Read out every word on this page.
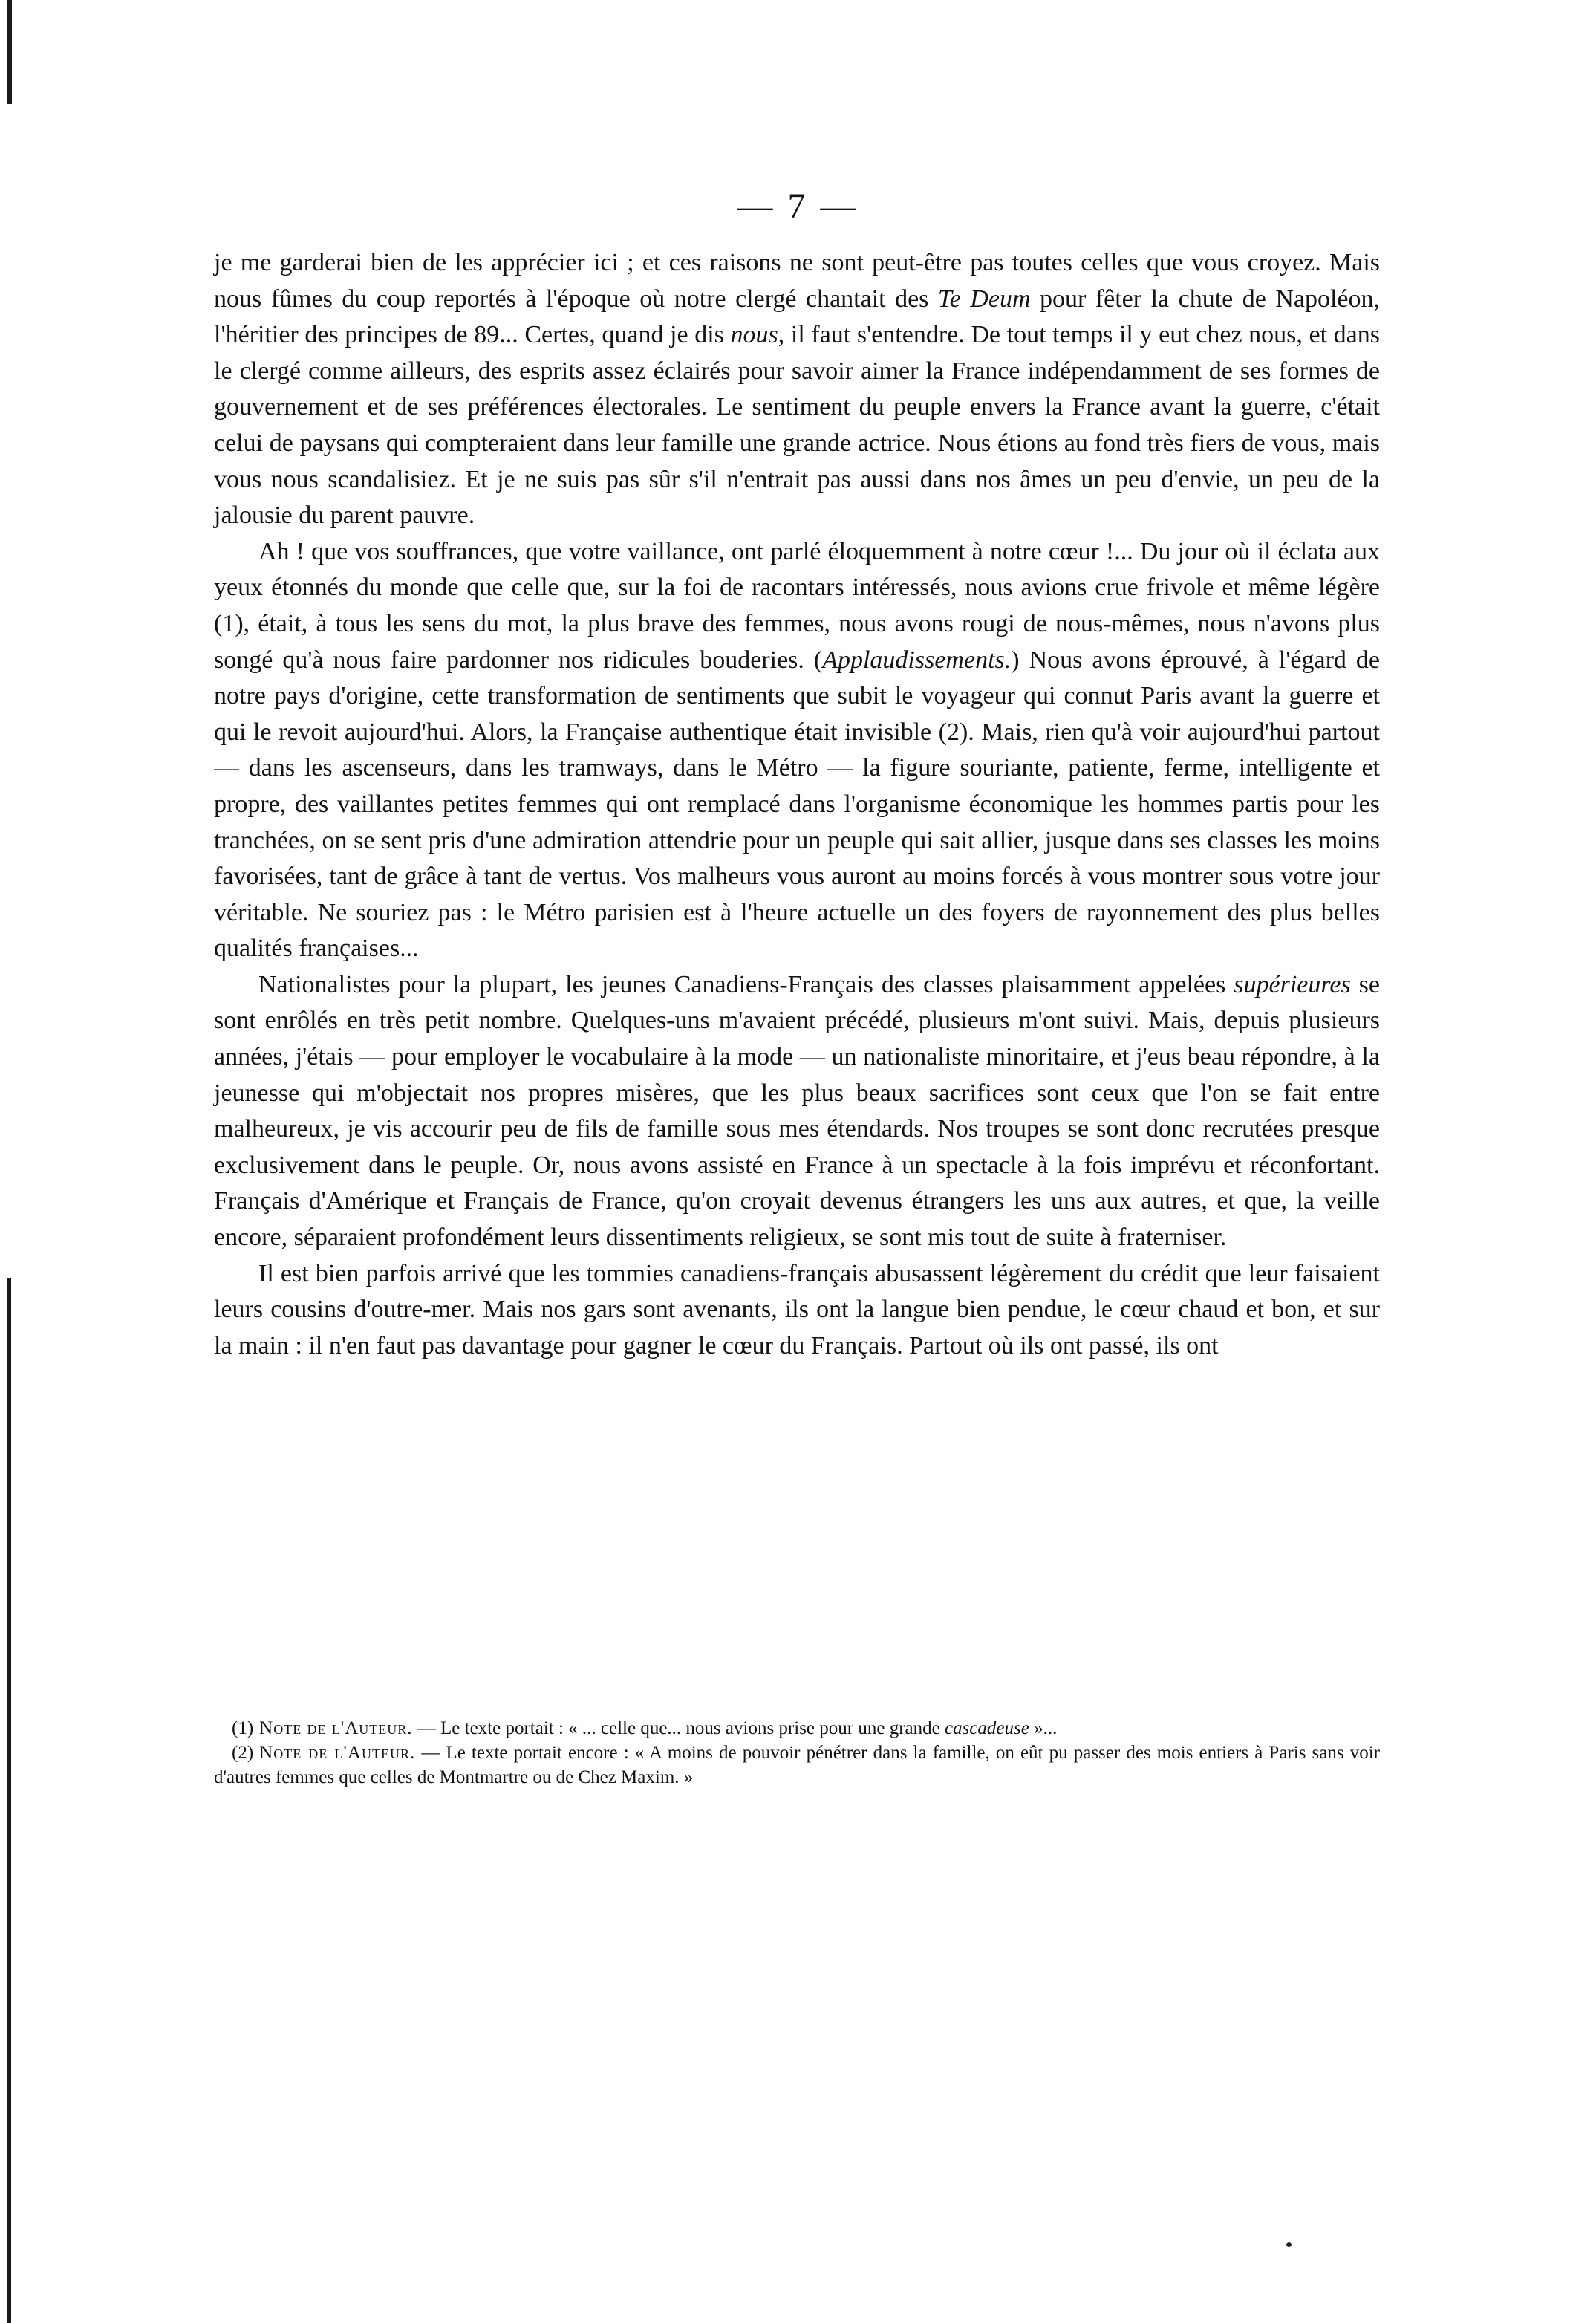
— 7 —

je me garderai bien de les apprécier ici ; et ces raisons ne sont peut-être pas toutes celles que vous croyez. Mais nous fûmes du coup reportés à l'époque où notre clergé chantait des Te Deum pour fêter la chute de Napoléon, l'héritier des principes de 89... Certes, quand je dis nous, il faut s'entendre. De tout temps il y eut chez nous, et dans le clergé comme ailleurs, des esprits assez éclairés pour savoir aimer la France indépendamment de ses formes de gouvernement et de ses préférences électorales. Le sentiment du peuple envers la France avant la guerre, c'était celui de paysans qui compteraient dans leur famille une grande actrice. Nous étions au fond très fiers de vous, mais vous nous scandalisiez. Et je ne suis pas sûr s'il n'entrait pas aussi dans nos âmes un peu d'envie, un peu de la jalousie du parent pauvre.

Ah ! que vos souffrances, que votre vaillance, ont parlé éloquemment à notre cœur !... Du jour où il éclata aux yeux étonnés du monde que celle que, sur la foi de racontars intéressés, nous avions crue frivole et même légère (1), était, à tous les sens du mot, la plus brave des femmes, nous avons rougi de nous-mêmes, nous n'avons plus songé qu'à nous faire pardonner nos ridicules bouderies. (Applaudissements.) Nous avons éprouvé, à l'égard de notre pays d'origine, cette transformation de sentiments que subit le voyageur qui connut Paris avant la guerre et qui le revoit aujourd'hui. Alors, la Française authentique était invisible (2). Mais, rien qu'à voir aujourd'hui partout — dans les ascenseurs, dans les tramways, dans le Métro — la figure souriante, patiente, ferme, intelligente et propre, des vaillantes petites femmes qui ont remplacé dans l'organisme économique les hommes partis pour les tranchées, on se sent pris d'une admiration attendrie pour un peuple qui sait allier, jusque dans ses classes les moins favorisées, tant de grâce à tant de vertus. Vos malheurs vous auront au moins forcés à vous montrer sous votre jour véritable. Ne souriez pas : le Métro parisien est à l'heure actuelle un des foyers de rayonnement des plus belles qualités françaises...

Nationalistes pour la plupart, les jeunes Canadiens-Français des classes plaisamment appelées supérieures se sont enrôlés en très petit nombre. Quelques-uns m'avaient précédé, plusieurs m'ont suivi. Mais, depuis plusieurs années, j'étais — pour employer le vocabulaire à la mode — un nationaliste minoritaire, et j'eus beau répondre, à la jeunesse qui m'objectait nos propres misères, que les plus beaux sacrifices sont ceux que l'on se fait entre malheureux, je vis accourir peu de fils de famille sous mes étendards. Nos troupes se sont donc recrutées presque exclusivement dans le peuple. Or, nous avons assisté en France à un spectacle à la fois imprévu et réconfortant. Français d'Amérique et Français de France, qu'on croyait devenus étrangers les uns aux autres, et que, la veille encore, séparaient profondément leurs dissentiments religieux, se sont mis tout de suite à fraterniser.

Il est bien parfois arrivé que les tommies canadiens-français abusassent légèrement du crédit que leur faisaient leurs cousins d'outre-mer. Mais nos gars sont avenants, ils ont la langue bien pendue, le cœur chaud et bon, et sur la main : il n'en faut pas davantage pour gagner le cœur du Français. Partout où ils ont passé, ils ont

(1) Note de l'Auteur. — Le texte portait : « ... celle que... nous avions prise pour une grande cascadeuse »...

(2) Note de l'Auteur. — Le texte portait encore : « A moins de pouvoir pénétrer dans la famille, on eût pu passer des mois entiers à Paris sans voir d'autres femmes que celles de Montmartre ou de Chez Maxim. »
